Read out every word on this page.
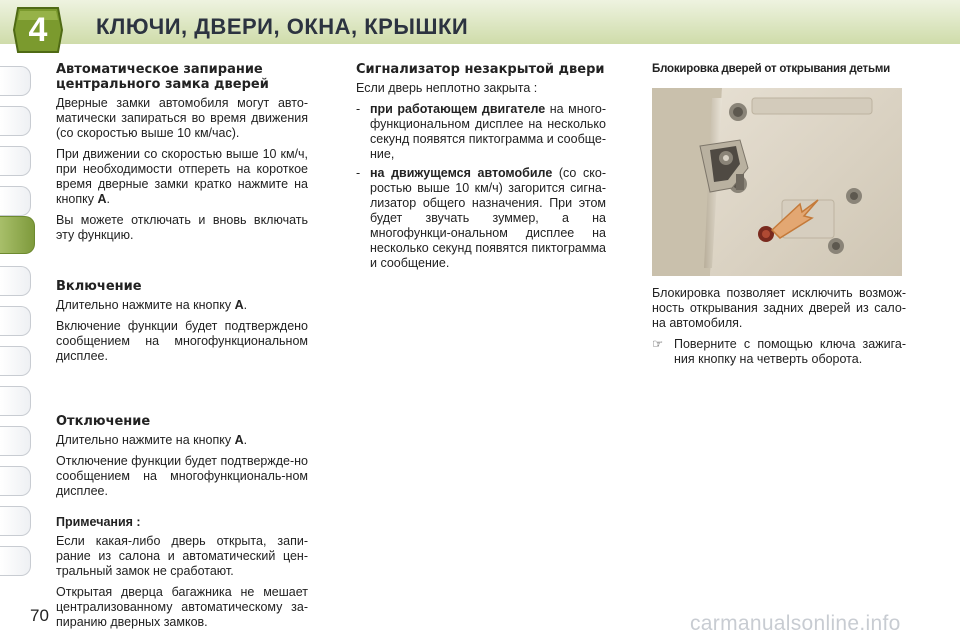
4	КЛЮЧИ, ДВЕРИ, ОКНА, КРЫШКИ
Автоматическое запирание центрального замка дверей

Дверные замки автомобиля могут авто-матически запираться во время движения (со скоростью выше 10 км/час).

При движении со скоростью выше 10 км/ч, при необходимости отпереть на короткое время дверные замки кратко нажмите на кнопку А.

Вы можете отключать и вновь включать эту функцию.

Включение

Длительно нажмите на кнопку А.

Включение функции будет подтверждено сообщением на многофункциональном дисплее.

Отключение

Длительно нажмите на кнопку А.

Отключение функции будет подтвержде-но сообщением на многофункциональ-ном дисплее.

Примечания :

Если какая-либо дверь открыта, запи-рание из салона и автоматический цен-тральный замок не сработают.

Открытая дверца багажника не мешает централизованному автоматическому за-пиранию дверных замков.

Сигнализатор незакрытой двери

Если дверь неплотно закрыта :

- при работающем двигателе на много-функциональном дисплее на несколько секунд появятся пиктограмма и сообще-ние,
- на движущемся автомобиле (со ско-ростью выше 10 км/ч) загорится сигна-лизатор общего назначения. При этом будет звучать зуммер, а на многофункци-ональном дисплее на несколько секунд появятся пиктограмма и сообщение.
Блокировка дверей от открывания детьми

Блокировка позволяет исключить возмож-ность открывания задних дверей из сало-на автомобиля.

☞ Поверните с помощью ключа зажига-ния кнопку на четверть оборота.
70	carmanualsonline.info
